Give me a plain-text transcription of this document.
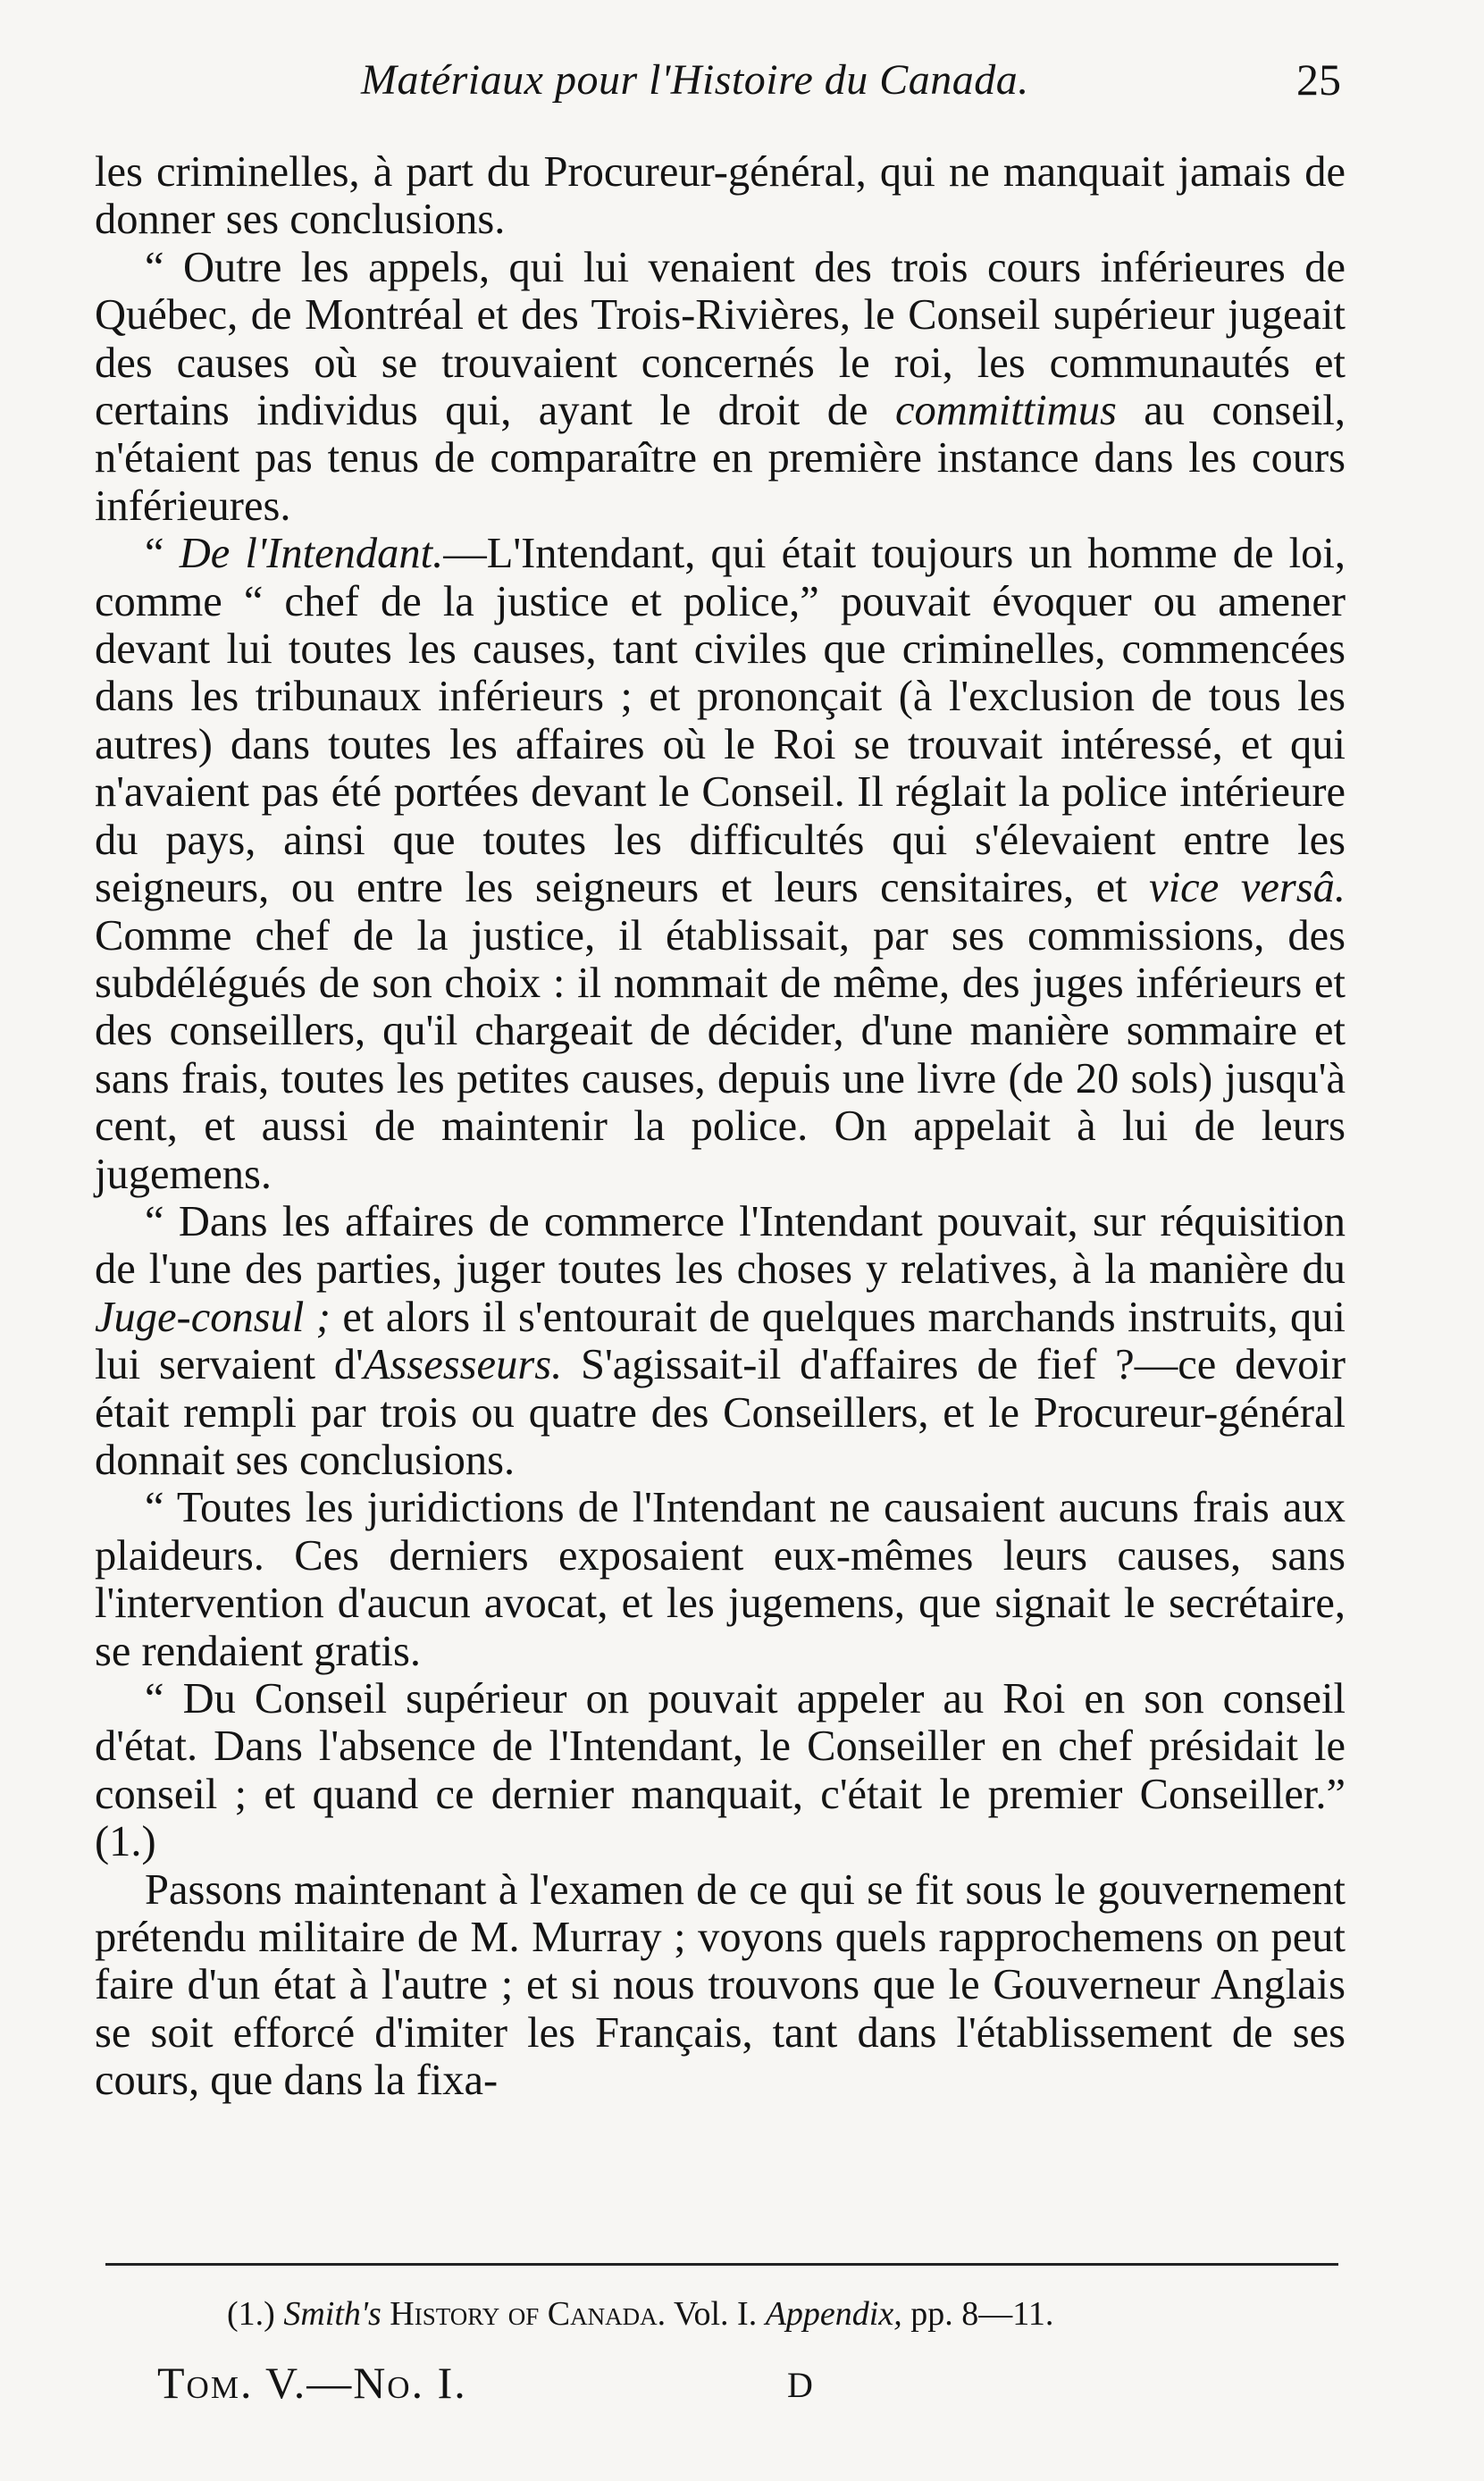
Matériaux pour l'Histoire du Canada.	25

les criminelles, à part du Procureur-général, qui ne manquait jamais de donner ses conclusions.

“ Outre les appels, qui lui venaient des trois cours inférieures de Québec, de Montréal et des Trois-Rivières, le Conseil supérieur jugeait des causes où se trouvaient concernés le roi, les communautés et certains individus qui, ayant le droit de committimus au conseil, n'étaient pas tenus de comparaître en première instance dans les cours inférieures.

“ De l'Intendant.—L'Intendant, qui était toujours un homme de loi, comme “ chef de la justice et police,” pouvait évoquer ou amener devant lui toutes les causes, tant civiles que criminelles, commencées dans les tribunaux inférieurs ; et prononçait (à l'exclusion de tous les autres) dans toutes les affaires où le Roi se trouvait intéressé, et qui n'avaient pas été portées devant le Conseil. Il réglait la police intérieure du pays, ainsi que toutes les difficultés qui s'élevaient entre les seigneurs, ou entre les seigneurs et leurs censitaires, et vice versâ. Comme chef de la justice, il établissait, par ses commissions, des subdélégués de son choix : il nommait de même, des juges inférieurs et des conseillers, qu'il chargeait de décider, d'une manière sommaire et sans frais, toutes les petites causes, depuis une livre (de 20 sols) jusqu'à cent, et aussi de maintenir la police. On appelait à lui de leurs jugemens.

“ Dans les affaires de commerce l'Intendant pouvait, sur réquisition de l'une des parties, juger toutes les choses y relatives, à la manière du Juge-consul ; et alors il s'entourait de quelques marchands instruits, qui lui servaient d'Assesseurs. S'agissait-il d'affaires de fief ?—ce devoir était rempli par trois ou quatre des Conseillers, et le Procureur-général donnait ses conclusions.

“ Toutes les juridictions de l'Intendant ne causaient aucuns frais aux plaideurs. Ces derniers exposaient eux-mêmes leurs causes, sans l'intervention d'aucun avocat, et les jugemens, que signait le secrétaire, se rendaient gratis.

“ Du Conseil supérieur on pouvait appeler au Roi en son conseil d'état. Dans l'absence de l'Intendant, le Conseiller en chef présidait le conseil ; et quand ce dernier manquait, c'était le premier Conseiller.” (1.)

Passons maintenant à l'examen de ce qui se fit sous le gouvernement prétendu militaire de M. Murray ; voyons quels rapprochemens on peut faire d'un état à l'autre ; et si nous trouvons que le Gouverneur Anglais se soit efforcé d'imiter les Français, tant dans l'établissement de ses cours, que dans la fixa-

(1.) Smith's History of Canada. Vol. I. Appendix, pp. 8—11.
Tom. V.—No. I.	D
